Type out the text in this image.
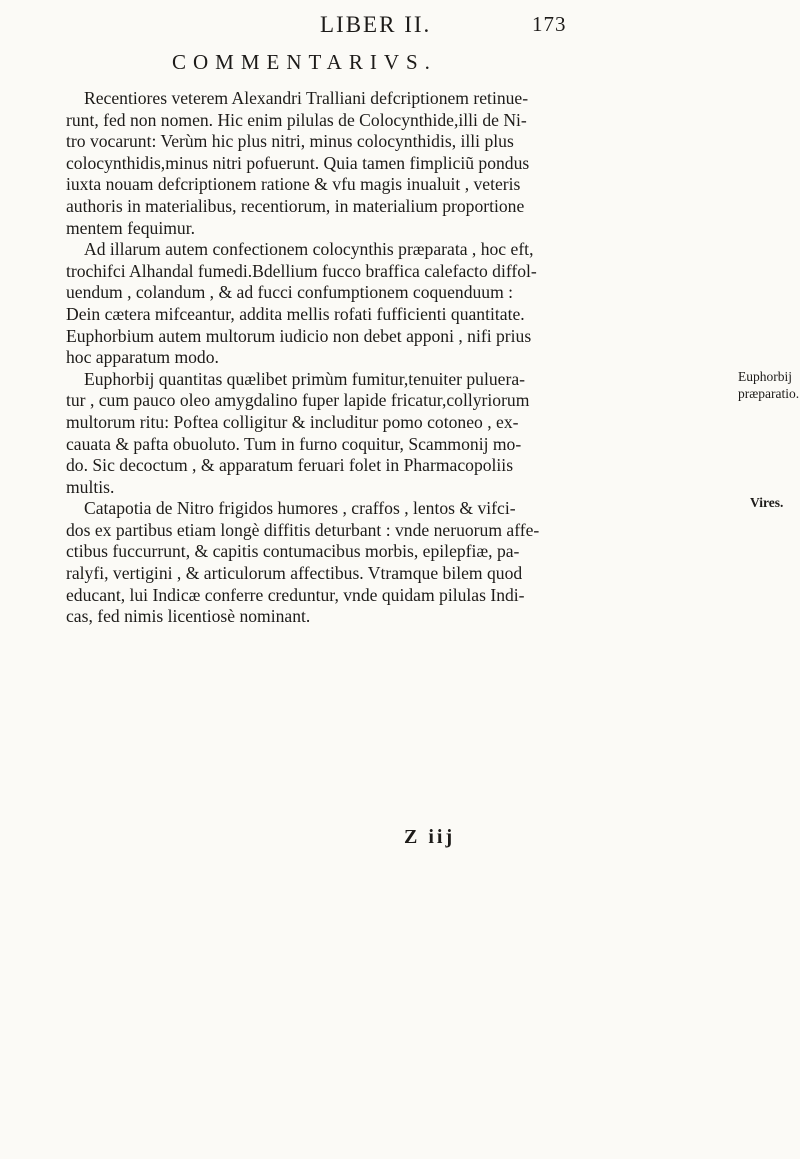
LIBER II.	173
COMMENTARIVS.
Recentiores veterem Alexandri Tralliani defcriptionem retinue-
runt, fed non nomen. Hic enim pilulas de Colocynthide,illi de Ni-
tro vocarunt: Verùm hic plus nitri, minus colocynthidis, illi plus
colocynthidis,minus nitri pofuerunt. Quia tamen fimpliciũ pondus
iuxta nouam defcriptionem ratione & vfu magis inualuit , veteris
authoris in materialibus, recentiorum, in materialium proportione
mentem fequimur.
Ad illarum autem confectionem colocynthis præparata , hoc eft,
trochifci Alhandal fumedi.Bdellium fucco braffica calefacto diffol-
uendum , colandum , & ad fucci confumptionem coquenduum :
Dein cætera mifceantur, addita mellis rofati fufficienti quantitate.
Euphorbium autem multorum iudicio non debet apponi , nifi prius
hoc apparatum modo.
Euphorbij quantitas quælibet primùm fumitur,tenuiter puluera-
tur , cum pauco oleo amygdalino fuper lapide fricatur,collyriorum
multorum ritu: Poftea colligitur & includitur pomo cotoneo , ex-
cauata & pafta obuoluto. Tum in furno coquitur, Scammonij mo-
do. Sic decoctum , & apparatum feruari folet in Pharmacopoliis
multis.
Catapotia de Nitro frigidos humores , craffos , lentos & vifci-
dos ex partibus etiam longè diffitis deturbant : vnde neruorum affe-
ctibus fuccurrunt, & capitis contumacibus morbis, epilepfiæ, pa-
ralyfi, vertigini , & articulorum affectibus. Vtramque bilem quod
educant, lui Indicæ conferre creduntur, vnde quidam pilulas Indi-
cas, fed nimis licentiosè nominant.
Euphorbij
præparatio.
Vires.
Z iij
